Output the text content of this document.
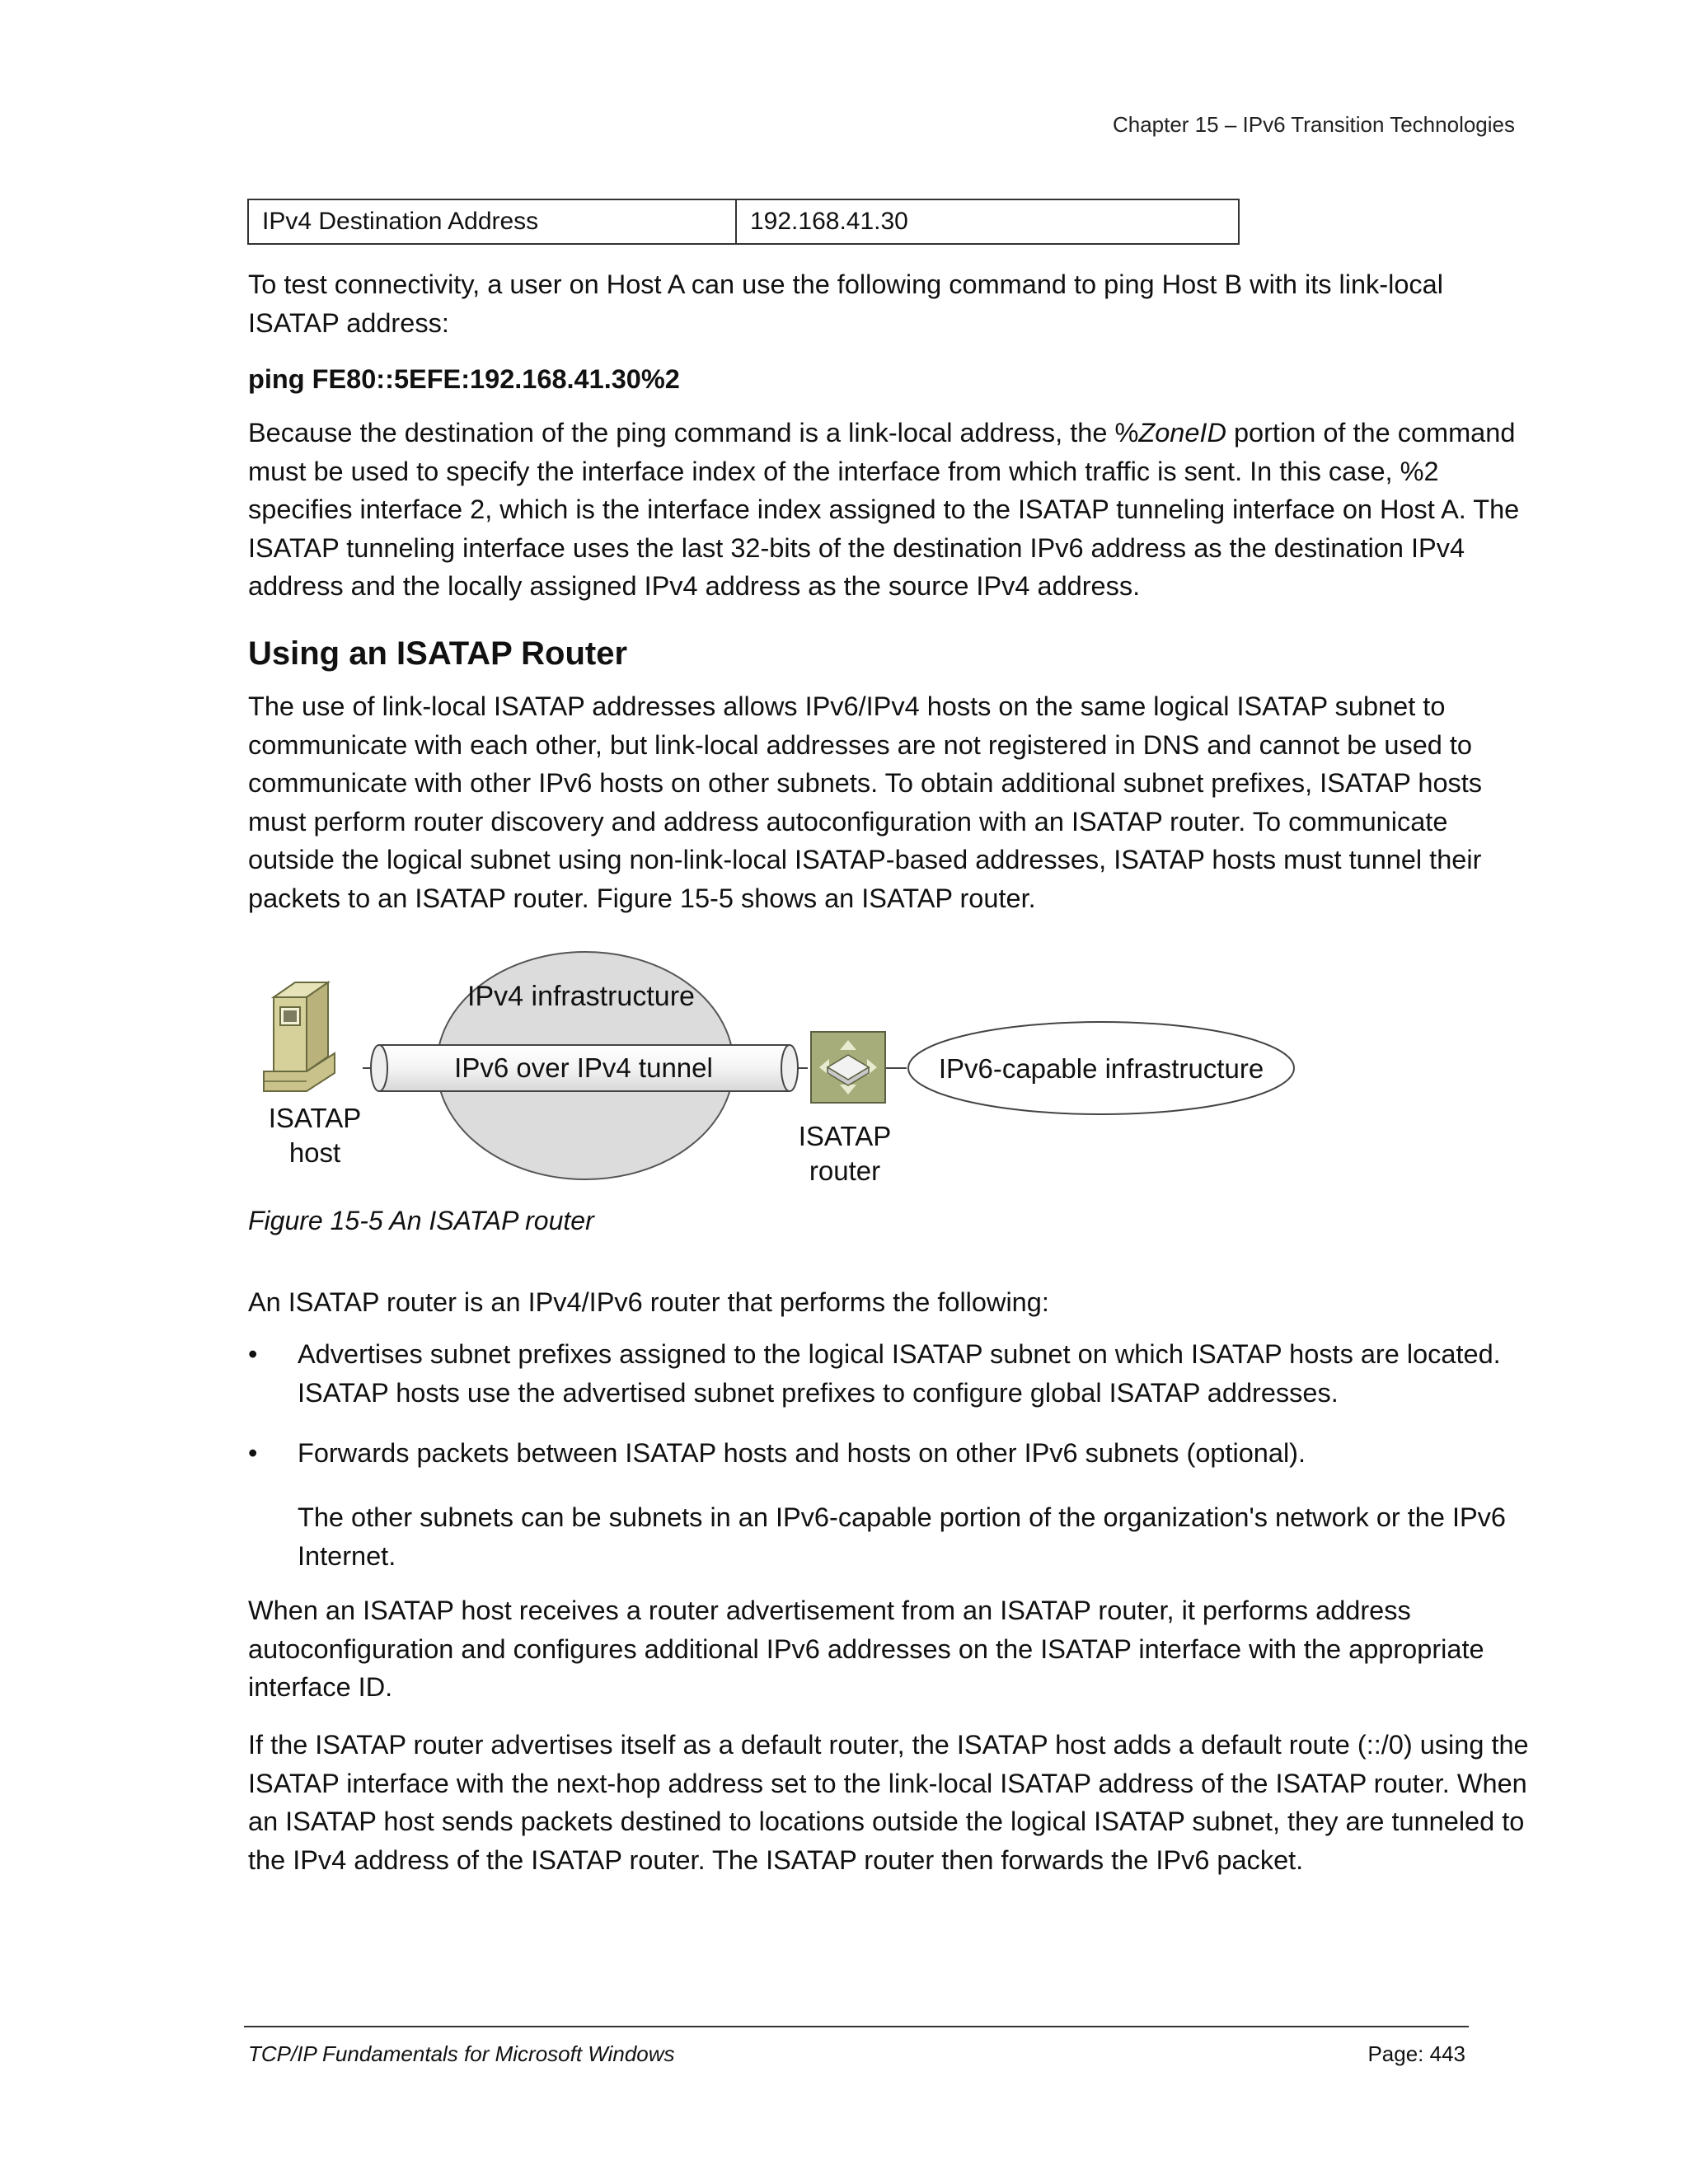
Chapter 15 – IPv6 Transition Technologies
IPv4 Destination Address	192.168.41.30

To test connectivity, a user on Host A can use the following command to ping Host B with its link-local ISATAP address:

ping FE80::5EFE:192.168.41.30%2

Because the destination of the ping command is a link-local address, the %ZoneID portion of the command must be used to specify the interface index of the interface from which traffic is sent. In this case, %2 specifies interface 2, which is the interface index assigned to the ISATAP tunneling interface on Host A. The ISATAP tunneling interface uses the last 32-bits of the destination IPv6 address as the destination IPv4 address and the locally assigned IPv4 address as the source IPv4 address.

Using an ISATAP Router

The use of link-local ISATAP addresses allows IPv6/IPv4 hosts on the same logical ISATAP subnet to communicate with each other, but link-local addresses are not registered in DNS and cannot be used to communicate with other IPv6 hosts on other subnets. To obtain additional subnet prefixes, ISATAP hosts must perform router discovery and address autoconfiguration with an ISATAP router. To communicate outside the logical subnet using non-link-local ISATAP-based addresses, ISATAP hosts must tunnel their packets to an ISATAP router. Figure 15-5 shows an ISATAP router.

IPv4 infrastructure
IPv6 over IPv4 tunnel
ISATAP
host
ISATAP
router
IPv6-capable infrastructure
Figure 15-5 An ISATAP router

An ISATAP router is an IPv4/IPv6 router that performs the following:

• Advertises subnet prefixes assigned to the logical ISATAP subnet on which ISATAP hosts are located. ISATAP hosts use the advertised subnet prefixes to configure global ISATAP addresses.
• Forwards packets between ISATAP hosts and hosts on other IPv6 subnets (optional).

The other subnets can be subnets in an IPv6-capable portion of the organization's network or the IPv6 Internet.

When an ISATAP host receives a router advertisement from an ISATAP router, it performs address autoconfiguration and configures additional IPv6 addresses on the ISATAP interface with the appropriate interface ID.

If the ISATAP router advertises itself as a default router, the ISATAP host adds a default route (::/0) using the ISATAP interface with the next-hop address set to the link-local ISATAP address of the ISATAP router. When an ISATAP host sends packets destined to locations outside the logical ISATAP subnet, they are tunneled to the IPv4 address of the ISATAP router. The ISATAP router then forwards the IPv6 packet.

TCP/IP Fundamentals for Microsoft Windows	Page: 443
